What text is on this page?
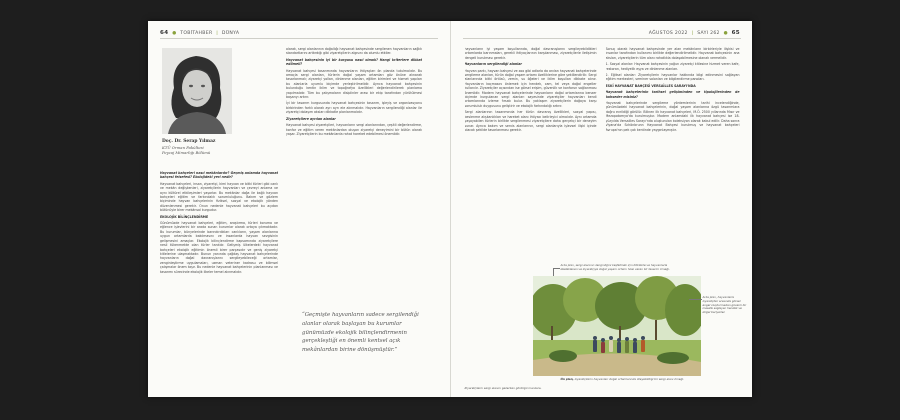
64 ● TOBİTAHBER | DÜNYA
Doç. Dr. Serap Yılmaz
KTÜ Orman Fakültesi
Peyzaj Mimarlığı Bölümü

Hayvanat bahçeleri nasıl mekânlardır? Geçmiş anlamda hayvanat bahçesi felsefesi? Ekolojideki yeri nedir?

Hayvanat bahçeleri, insan, ziyaretçi, kimi hayvan ve bitki türleri gibi canlı ve mekân değişkenleri, ziyaretçilerin hayvanları ve çevreyi anlama ve aynı kültürel etkileşimleri yaşarlar. Bu mekânlar doğa ile bağlı hayvan bahçeleri eğitim ve farkındalık sorumluluğunu. Bakım ve gözlem biçiminde hayvan bahçelerinin fiziksel, sosyal ve ekolojik yönden düzenlenmesi gerekir. Onun nedenle hayvanat bahçeleri bu açıdan bütünüyle birer mekânsal kurgudur.

EKOLOJİK BİLİNÇLENDİRME

Günümüzde hayvanat bahçeleri, eğitim, araştırma, türleri koruma ve eğlence işlevlerini bir arada sunan kurumlar olarak ortaya çıkmaktadır. Bu kurumlar, bünyelerinde barındırdıkları canlıların, yaşam alanlarına uygun ortamlarda bakılmasını ve insanlarda hayvan sevgisinin gelişmesini amaçlar. Ekolojik bilinçlendirme kapsamında ziyaretçilere nesli tükenmekte olan türler tanıtılır. Gelişmiş ülkelerdeki hayvanat bahçeleri ekolojik eğitimin önemli birer parçasıdır ve geniş ziyaretçi kitlelerine ulaşmaktadır. Bunun yanında çağdaş hayvanat bahçelerinde hayvanların doğal davranışlarını sergileyebileceği ortamlar, zenginleştirme uygulamaları, uzman veteriner kadrosu ve bilimsel çalışmalar önem taşır. Bu nedenle hayvanat bahçelerinin planlanması ve tasarımı sürecinde ekolojik ilkeler temel alınmalıdır.

olarak, sergi alanlarının doğallığı hayvanat bahçesinde sergilenen hayvanların sağlık standartlarını arttırdığı gibi ziyaretçilerin algısını da olumlu etkiler.

Hayvanat bahçesinin iyi bir kurgusu nasıl olmalı? Hangi kriterlere dikkat edilmeli?

Hayvanat bahçesi tasarımında hayvanların ihtiyaçları ön planda tutulmalıdır. Bu amaçla sergi alanları, türlerin doğal yaşam ortamları göz önüne alınarak tasarlanmalı; ziyaretçi yolları, dinlenme alanları, eğitim birimleri ve hizmet yapıları bu alanlarla uyumlu biçimde yerleştirilmelidir. Ayrıca hayvanat bahçesinin bulunduğu kentin iklim ve topoğrafya özellikleri değerlendirilerek planlama yapılmalıdır. Tüm bu çalışmaların disiplinler arası bir ekip tarafından yürütülmesi başarıyı artırır.

İyi bir tasarım kurgusunda hayvanat bahçesinin tasarım, işleyiş ve organizasyonu birbirinden farklı olarak ayrı ayrı ele alınmalıdır. Hayvanların sergilendiği alanlar ile ziyaretçi dolaşım aksları dikkatle planlanmalıdır.

Ziyaretçilere ayrılan alanlar

Hayvanat bahçesi ziyaretçileri, hayvanların sergi alanlarından, çeşitli değerlendirme, konfor ve eğitim veren mekânlardan oluşan ziyaretçi deneyimini bir bütün olarak yaşar. Ziyaretçilerin bu mekânlarda rahat hareket edebilmesi önemlidir.

“Geçmişte hayvanların sadece sergilendiği alanlar olarak başlayan bu kurumlar günümüzde ekolojik bilinçlendirmenin gerçekleştiği en önemli kentsel açık mekânlardan birine dönüşmüştür.”
AĞUSTOS 2022 | SAYI 262 ● 65

hayvanların iyi yaşam koşullarında, doğal davranışlarını sergileyebildikleri ortamlarda barınmaları, gerekli ihtiyaçlarının karşılanması, ziyaretçilerle iletişimin dengeli kurulması gerekir.

Hayvanların sergilendiği alanlar

Hayvan parkı, hayvan bahçesi ve zoo gibi adlarla da anılan hayvanat bahçelerinde sergileme alanları, türün doğal yaşam ortamı özelliklerine göre şekillendirilir. Sergi alanlarında bitki örtüsü, zemin, su öğeleri ve iklim koşulları dikkate alınır. Hayvanların kaçmasını önlemek için hendek, cam, tel veya doğal engeller kullanılır. Ziyaretçiler açısından ise görsel erişim, güvenlik ve konforun sağlanması önemlidir. Modern hayvanat bahçelerinde hayvanların doğal ortamlarına benzer biçimde kurgulanan sergi alanları sayesinde ziyaretçiler hayvanları kendi ortamlarında izleme fırsatı bulur. Bu yaklaşım ziyaretçilerin doğaya karşı sorumluluk duygusunu geliştirir ve ekolojik farkındalığı artırır.

Sergi alanlarının tasarımında her türün davranış özellikleri, sosyal yapısı, beslenme alışkanlıkları ve hareket alanı ihtiyacı belirleyici olmalıdır. Aynı ortamda yaşayabilen türlerin birlikte sergilenmesi ziyaretçilere daha gerçekçi bir deneyim sunar. Ayrıca bakım ve servis alanlarının, sergi alanlarıyla işlevsel ilişki içinde olacak şekilde tasarlanması gerekir.

Sonuç olarak hayvanat bahçesinde yer alan mekânların birbirleriyle ilişkisi ve insanlar tarafından kullanımı birlikte değerlendirilmelidir. Hayvanat bahçesinin ana aksları, ziyaretçilerin tüm alanı rahatlıkla dolaşabilmesine olanak vermelidir.

1. Sosyal alanlar: Hayvanat bahçesinin yoğun ziyaretçi kitlesine hizmet veren kafe, restoran, hediyelik eşya ve dinlenme alanları.

2. Eğitsel alanlar: Ziyaretçilerin hayvanlar hakkında bilgi edinmesini sağlayan eğitim merkezleri, seminer salonları ve bilgilendirme panoları.

ESKİ HAYVANAT BAHÇESİ VERSAİLLES SARAYI'NDA

Hayvanat bahçelerinin tarihsel gelişiminden ve tipolojilerinden de bahseder misiniz?

Hayvanat bahçelerinde sergileme yöntemlerinin tarihi incelendiğinde, günümüzdeki hayvanat bahçelerinin, doğal yaşam alanlarına özgü tasarımlara doğru evrildiği görülür. Bilinen ilk hayvanat bahçeleri, M.Ö. 2500 yıllarında Mısır ve Mezopotamya'da kurulmuştur. Modern anlamdaki ilk hayvanat bahçesi ise 18. yüzyılda Versailles Sarayı'nda oluşturulan koleksiyon olarak kabul edilir. Daha sonra Viyana'da Schönbrunn Hayvanat Bahçesi kurulmuş ve hayvanat bahçeleri Avrupa'nın pek çok kentinde yaygınlaşmıştır.

Arka plan, sergi alanının zenginliğini keşfetmek için bitkilerle ve hayvanlarla desteklenen ve ziyaretçiye doğal yaşam ortamı hissi veren bir tasarım örneği.
Arka plan, hayvanlarla ziyaretçiler arasında görsel engel oluşturmadan güvenli bir mesafe sağlayan hendek ve doğal bariyerler.
Ön plan, ziyaretçilerin hayvanları doğal ortamlarında izleyebildiği bir sergi alanı örneği.
Ziyaretçilerin sergi alanını gezerken gördüğü manzara.
